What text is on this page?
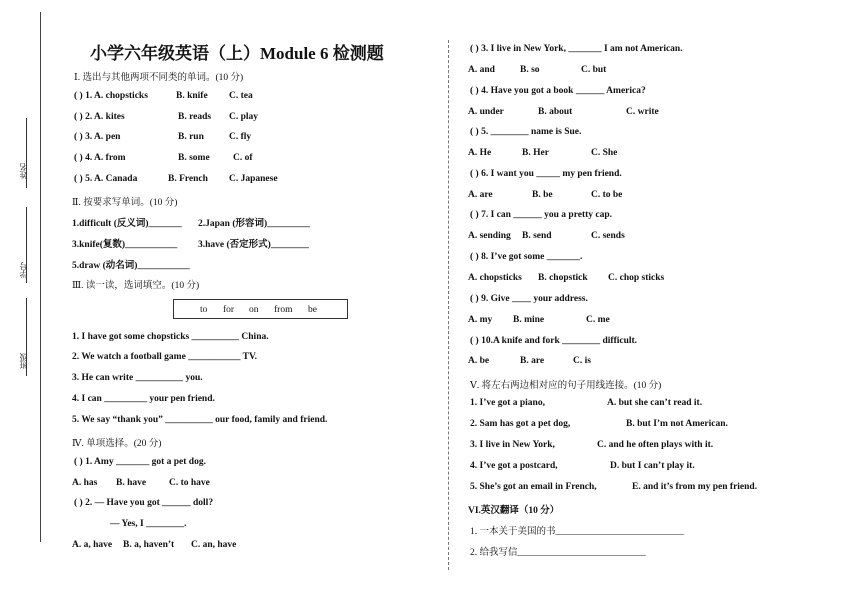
姓名
学号
班级
小学六年级英语（上）Module 6 检测题
Ⅰ. 选出与其他两项不同类的单词。(10 分)
( ) 1. A. chopsticks	B. knife C. tea
( ) 2. A. kites	B. reads C. play
( ) 3. A. pen	B. run	C. fly
( ) 4. A. from	B. some C. of
( ) 5. A. Canada	B. French C. Japanese
Ⅱ. 按要求写单词。(10 分)
1.difficult (反义词)_______ 2.Japan (形容词)_________
3.knife(复数)___________ 3.have (否定形式)________
5.draw (动名词)___________
Ⅲ. 读一读，选词填空。(10 分)
to for on from be
1. I have got some chopsticks __________ China.
2. We watch a football game ___________ TV.
3. He can write __________ you.
4. I can _________ your pen friend.
5. We say “thank you” __________ our food, family and friend.
Ⅳ. 单项选择。(20 分)
( ) 1. Amy _______ got a pet dog.
A. has B. have C. to have
( ) 2. — Have you got ______ doll?
— Yes, I ________.
A. a, have B. a, haven’t C. an, have
( ) 3. I live in New York, _______ I am not American.
A. and	B. so	C. but
( ) 4. Have you got a book ______ America?
A. under	B. about	C. write
( ) 5. ________ name is Sue.
A. He	B. Her	C. She
( ) 6. I want you _____ my pen friend.
A. are	B. be	C. to be
( ) 7. I can ______ you a pretty cap.
A. sending B. send	C. sends
( ) 8. I’ve got some _______.
A. chopsticks B. chopstick C. chop sticks
( ) 9. Give ____ your address.
A. my B. mine	C. me
( ) 10.A knife and fork ________ difficult.
A. be	B. are	C. is
Ⅴ. 将左右两边相对应的句子用线连接。(10 分)
1. I’ve got a piano,	A. but she can’t read it.
2. Sam has got a pet dog,	B. but I’m not American.
3. I live in New York,	C. and he often plays with it.
4. I’ve got a postcard,	D. but I can’t play it.
5. She’s got an email in French,	E. and it’s from my pen friend.
VI.英汉翻译（10 分）
1. 一本关于美国的书___________________________
2. 给我写信___________________________
